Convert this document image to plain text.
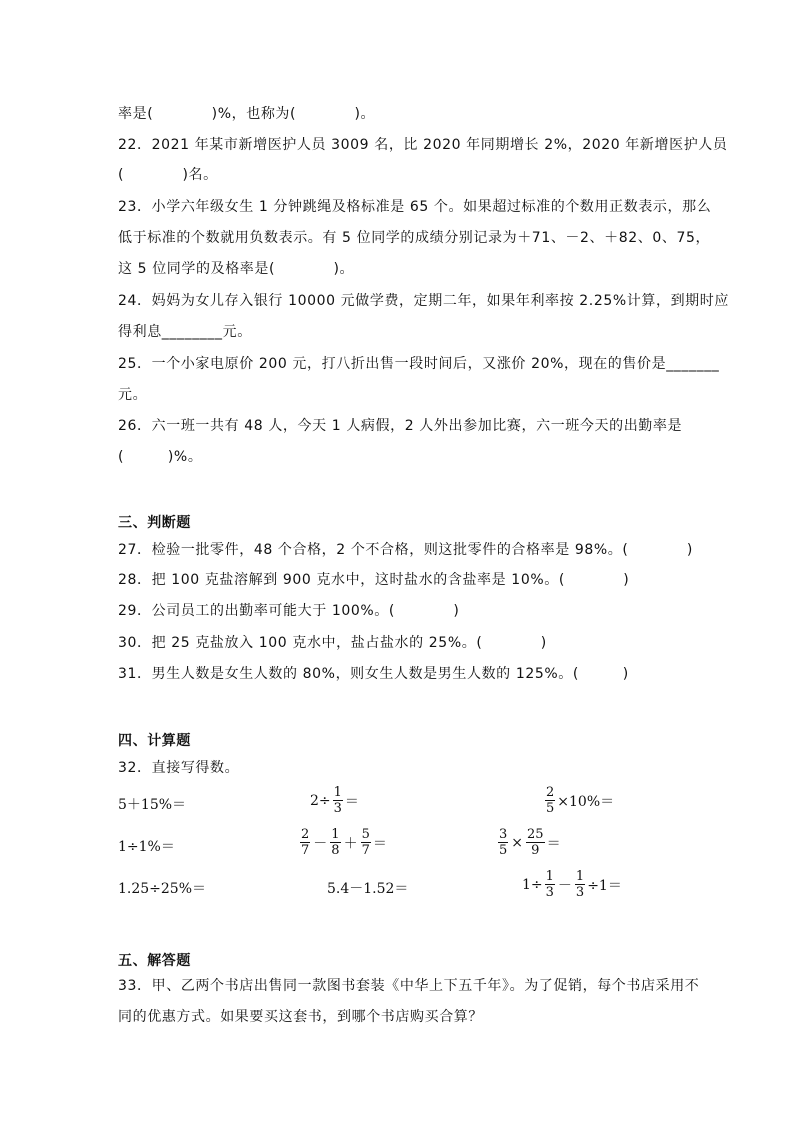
率是(　　　　)%，也称为(　　　　)。
22．2021 年某市新增医护人员 3009 名，比 2020 年同期增长 2%，2020 年新增医护人员
(　　　　)名。
23．小学六年级女生 1 分钟跳绳及格标准是 65 个。如果超过标准的个数用正数表示，那么
低于标准的个数就用负数表示。有 5 位同学的成绩分别记录为＋71、－2、＋82、0、75，
这 5 位同学的及格率是(　　　　)。
24．妈妈为女儿存入银行 10000 元做学费，定期二年，如果年利率按 2.25%计算，到期时应
得利息________元。
25．一个小家电原价 200 元，打八折出售一段时间后，又涨价 20%，现在的售价是_______
元。
26．六一班一共有 48 人，今天 1 人病假，2 人外出参加比赛，六一班今天的出勤率是
(　　　)%。
三、判断题
27．检验一批零件，48 个合格，2 个不合格，则这批零件的合格率是 98%。(　　　　)
28．把 100 克盐溶解到 900 克水中，这时盐水的含盐率是 10%。(　　　　)
29．公司员工的出勤率可能大于 100%。(　　　　)
30．把 25 克盐放入 100 克水中，盐占盐水的 25%。(　　　　)
31．男生人数是女生人数的 80%，则女生人数是男生人数的 125%。(　　　)
四、计算题
32．直接写得数。
5＋15%＝	$2\div \frac{1}{3}$ ＝	$\frac{2}{5} \times 10\%=$
1÷1%＝	$\frac{2}{7} - \frac{1}{8} + \frac{5}{7}$ ＝	$\frac{3}{5} \times \frac{25}{9}$ ＝
1.25÷25%＝	5.4－1.52＝	$1\div \frac{1}{3} - \frac{1}{3} \div 1=$
五、解答题
33．甲、乙两个书店出售同一款图书套装《中华上下五千年》。为了促销，每个书店采用不
同的优惠方式。如果要买这套书，到哪个书店购买合算？
